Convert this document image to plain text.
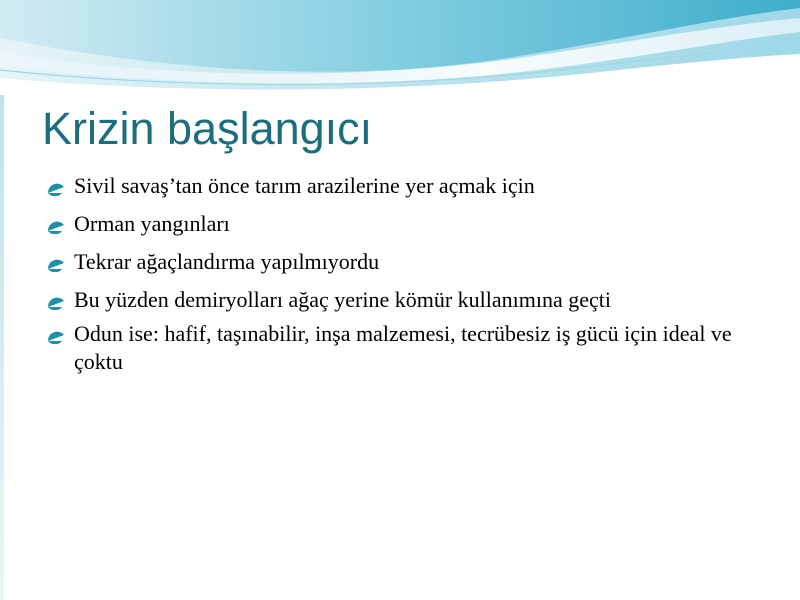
Krizin başlangıcı
Sivil savaş’tan önce tarım arazilerine yer açmak için
Orman yangınları
Tekrar ağaçlandırma yapılmıyordu
Bu yüzden demiryolları ağaç yerine kömür kullanımına geçti
Odun ise: hafif, taşınabilir, inşa malzemesi, tecrübesiz iş gücü için ideal ve çoktu
